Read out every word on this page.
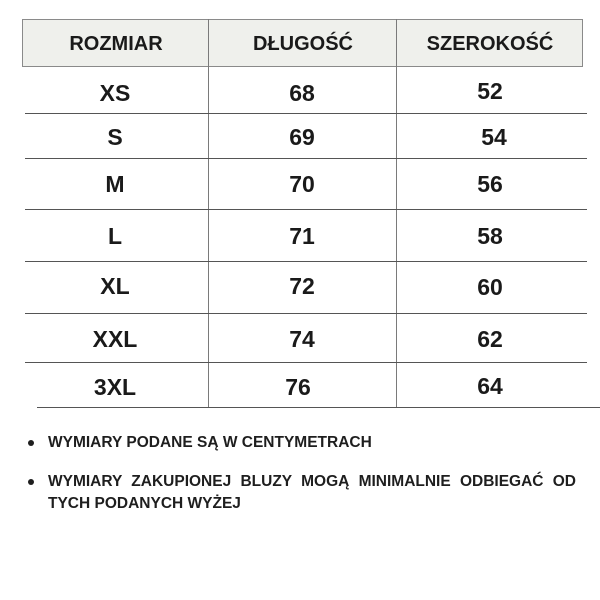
ROZMIAR	DŁUGOŚĆ	SZEROKOŚĆ
XS	68	52
S	69	54
M	70	56
L	71	58
XL	72	60
XXL	74	62
3XL	76	64

WYMIARY PODANE SĄ W CENTYMETRACH

WYMIARY ZAKUPIONEJ BLUZY MOGĄ MINIMALNIE ODBIEGAĆ OD TYCH PODANYCH WYŻEJ
